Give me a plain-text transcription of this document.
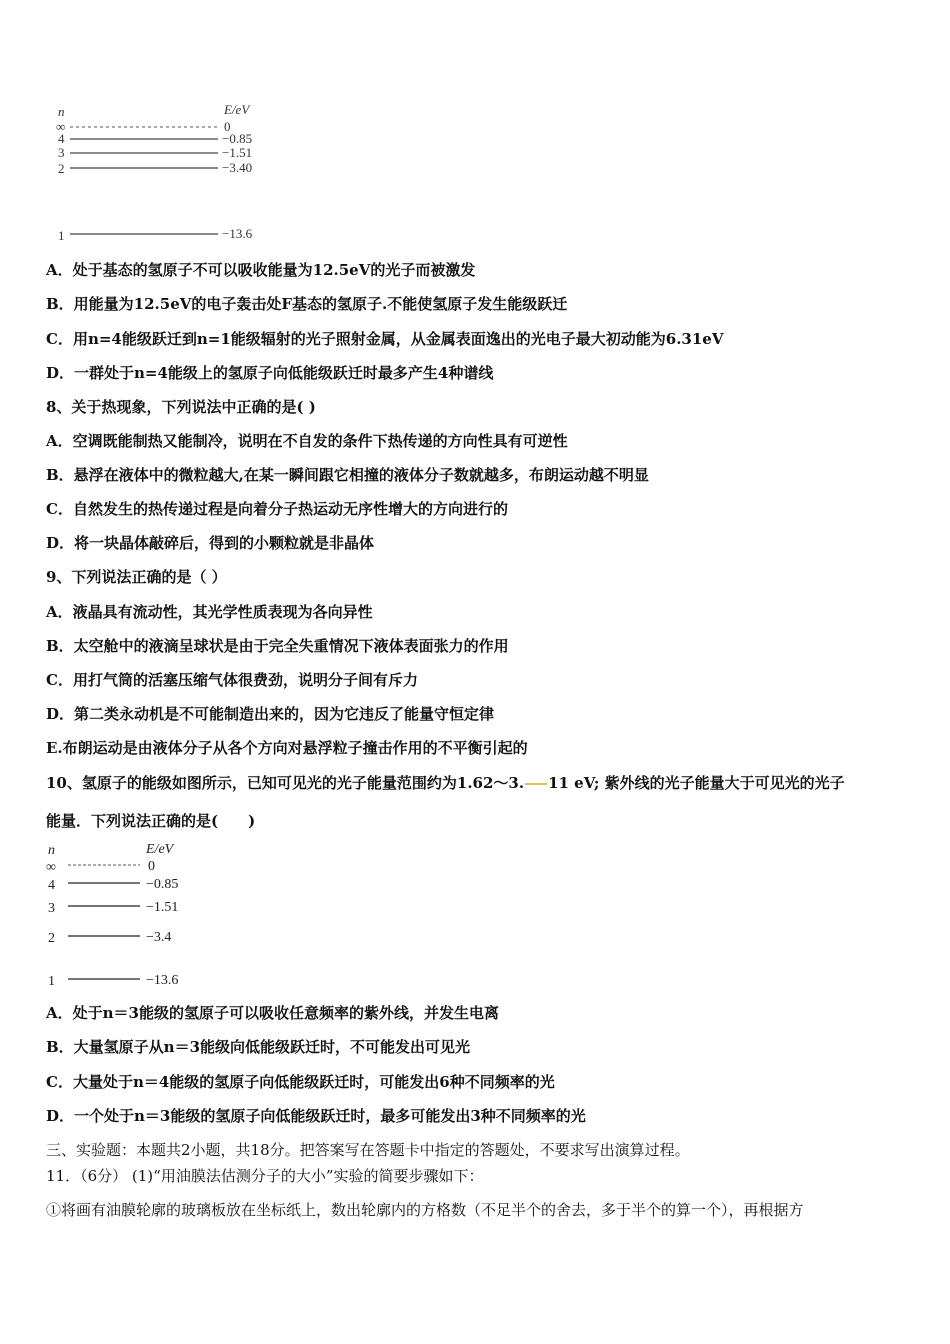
n	E/eV
∞	0
4	−0.85
3	−1.51
2	−3.40
1	−13.6
A．处于基态的氢原子不可以吸收能量为12.5eV的光子而被激发
B．用能量为12.5eV的电子轰击处F基态的氢原子.不能使氢原子发生能级跃迁
C．用n=4能级跃迁到n=1能级辐射的光子照射金属，从金属表面逸出的光电子最大初动能为6.31eV
D．一群处于n=4能级上的氢原子向低能级跃迁时最多产生4种谱线
8、关于热现象，下列说法中正确的是( )
A．空调既能制热又能制冷，说明在不自发的条件下热传递的方向性具有可逆性
B．悬浮在液体中的微粒越大,在某一瞬间跟它相撞的液体分子数就越多，布朗运动越不明显
C．自然发生的热传递过程是向着分子热运动无序性增大的方向进行的
D．将一块晶体敲碎后，得到的小颗粒就是非晶体
9、下列说法正确的是（ ）
A．液晶具有流动性，其光学性质表现为各向异性
B．太空舱中的液滴呈球状是由于完全失重情况下液体表面张力的作用
C．用打气筒的活塞压缩气体很费劲，说明分子间有斥力
D．第二类永动机是不可能制造出来的，因为它违反了能量守恒定律
E.布朗运动是由液体分子从各个方向对悬浮粒子撞击作用的不平衡引起的
10、氢原子的能级如图所示，已知可见光的光子能量范围约为1.62～3. 11 eV; 紫外线的光子能量大于可见光的光子
能量．下列说法正确的是(　　)
n	E/eV
∞	0
4	−0.85
3	−1.51
2	−3.4
1	−13.6
A．处于n＝3能级的氢原子可以吸收任意频率的紫外线，并发生电离
B．大量氢原子从n＝3能级向低能级跃迁时，不可能发出可见光
C．大量处于n＝4能级的氢原子向低能级跃迁时，可能发出6种不同频率的光
D．一个处于n＝3能级的氢原子向低能级跃迁时，最多可能发出3种不同频率的光
三、实验题：本题共2小题，共18分。把答案写在答题卡中指定的答题处，不要求写出演算过程。
11．（6分） (1)“用油膜法估测分子的大小”实验的简要步骤如下：
①将画有油膜轮廓的玻璃板放在坐标纸上，数出轮廓内的方格数（不足半个的舍去，多于半个的算一个），再根据方
